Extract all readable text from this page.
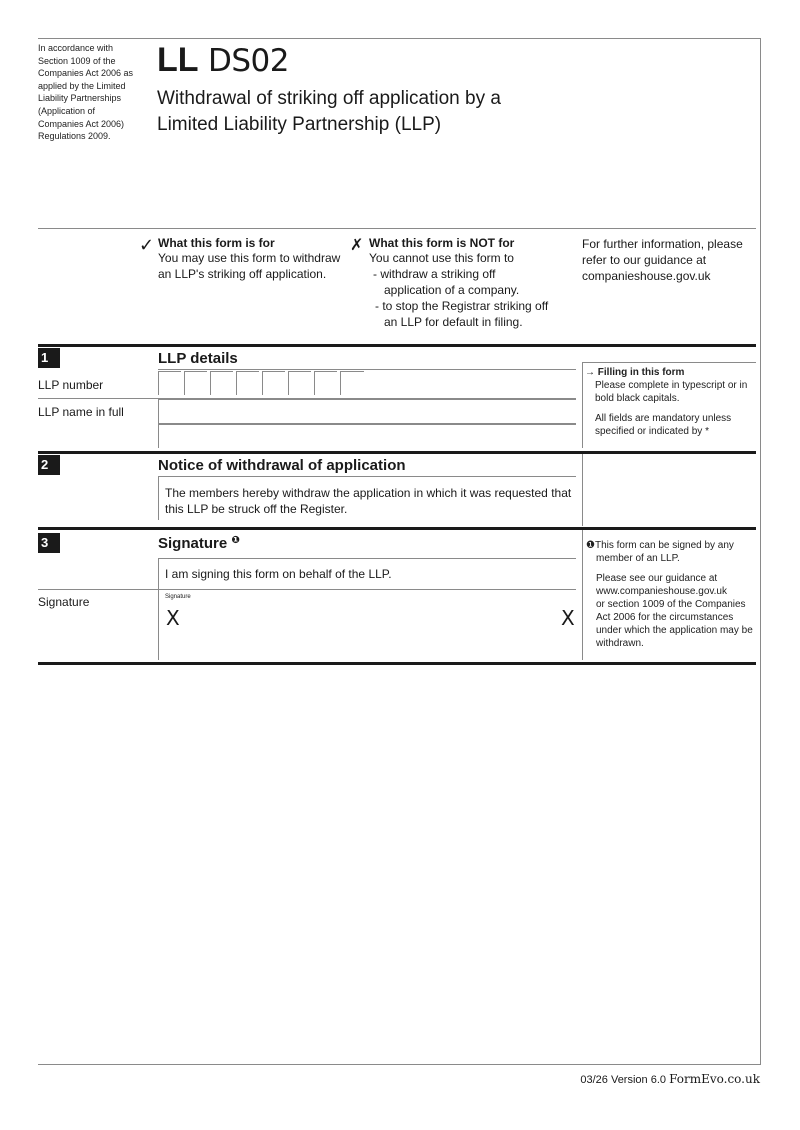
In accordance with
Section 1009 of the
Companies Act 2006 as
applied by the Limited
Liability Partnerships
(Application of
Companies Act 2006)
Regulations 2009.
LL DS02
Withdrawal of striking off application by a
Limited Liability Partnership (LLP)
✓ What this form is for
You may use this form to withdraw
an LLP's striking off application.
✗ What this form is NOT for
You cannot use this form to
- withdraw a striking off
application of a company.
- to stop the Registrar striking off
an LLP for default in filing.
For further information, please
refer to our guidance at
companieshouse.gov.uk
1	LLP details
LLP number
LLP name in full
→ Filling in this form
Please complete in typescript or in
bold black capitals.
All fields are mandatory unless
specified or indicated by *
2	Notice of withdrawal of application
The members hereby withdraw the application in which it was requested that
this LLP be struck off the Register.
3	Signature $^❶$
I am signing this form on behalf of the LLP.
Signature	Signature
X	X
❶This form can be signed by any
member of an LLP.
Please see our guidance at
www.companieshouse.gov.uk
or section 1009 of the Companies
Act 2006 for the circumstances
under which the application may be
withdrawn.
03/26 Version 6.0 FormEvo.co.uk
